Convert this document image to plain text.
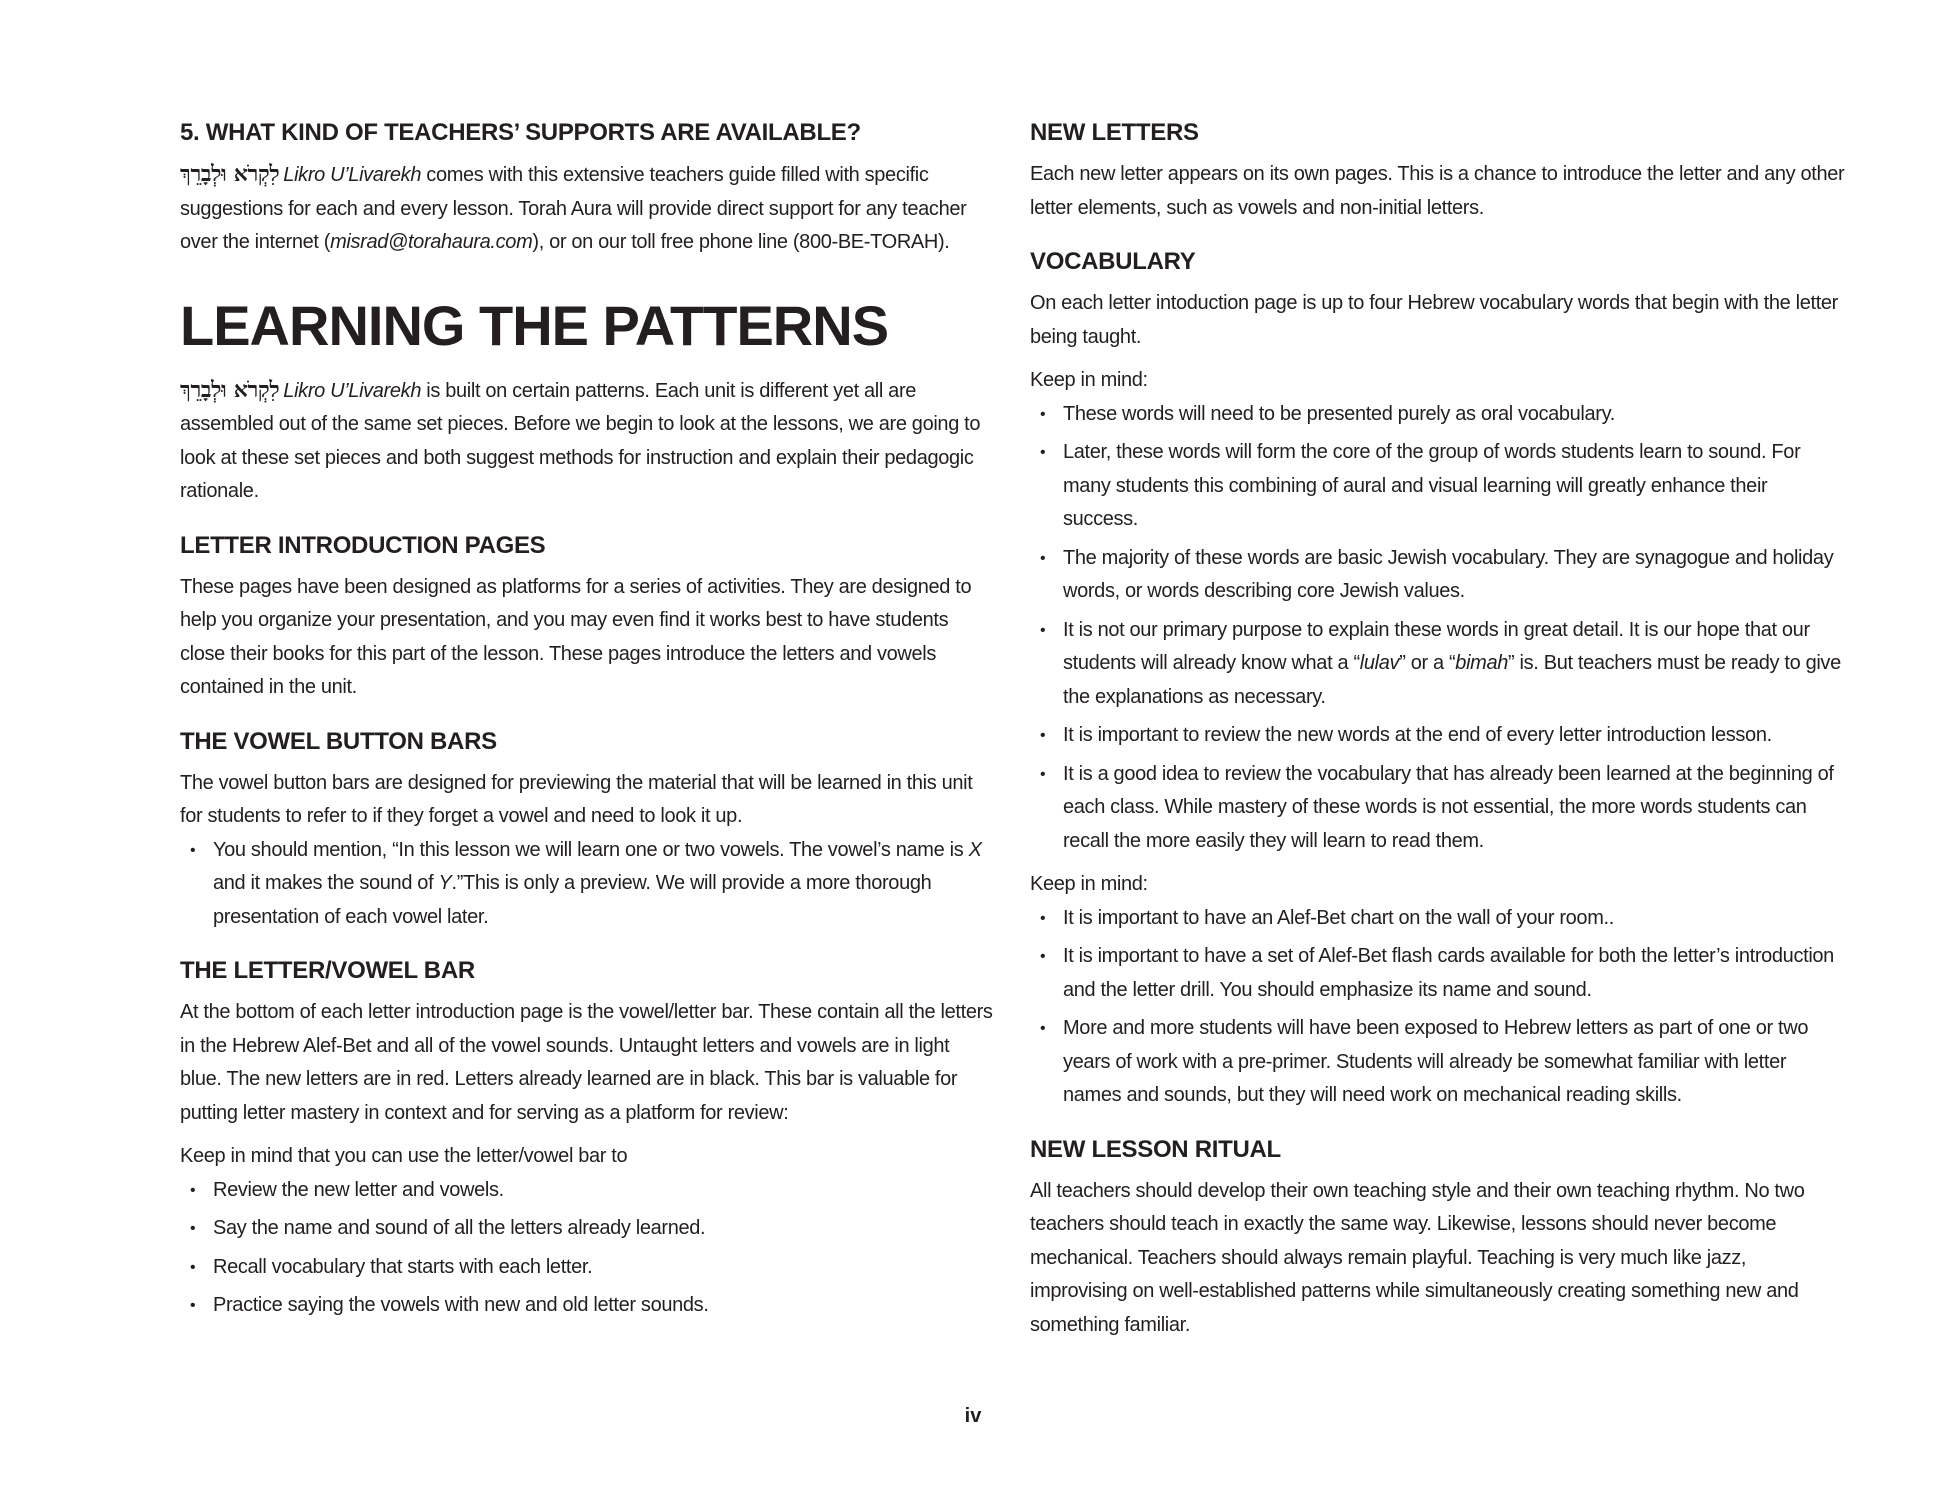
5. WHAT KIND OF TEACHERS’ SUPPORTS ARE AVAILABLE?

לִקְרֹא וּלְבָרֵךְ Likro U’Livarekh comes with this extensive teachers guide filled with specific suggestions for each and every lesson. Torah Aura will provide direct support for any teacher over the internet (misrad@torahaura.com), or on our toll free phone line (800-BE-TORAH).

LEARNING THE PATTERNS

לִקְרֹא וּלְבָרֵךְ Likro U’Livarekh is built on certain patterns. Each unit is different yet all are assembled out of the same set pieces. Before we begin to look at the lessons, we are going to look at these set pieces and both suggest methods for instruction and explain their pedagogic rationale.

LETTER INTRODUCTION PAGES

These pages have been designed as platforms for a series of activities. They are designed to help you organize your presentation, and you may even find it works best to have students close their books for this part of the lesson. These pages introduce the letters and vowels contained in the unit.

THE VOWEL BUTTON BARS

The vowel button bars are designed for previewing the material that will be learned in this unit for students to refer to if they forget a vowel and need to look it up.

• You should mention, “In this lesson we will learn one or two vowels. The vowel’s name is X and it makes the sound of Y.”This is only a preview. We will provide a more thorough presentation of each vowel later.
THE LETTER/VOWEL BAR

At the bottom of each letter introduction page is the vowel/letter bar. These contain all the letters in the Hebrew Alef-Bet and all of the vowel sounds. Untaught letters and vowels are in light blue. The new letters are in red. Letters already learned are in black. This bar is valuable for putting letter mastery in context and for serving as a platform for review:

Keep in mind that you can use the letter/vowel bar to

• Review the new letter and vowels.
• Say the name and sound of all the letters already learned.
• Recall vocabulary that starts with each letter.
• Practice saying the vowels with new and old letter sounds.
NEW LETTERS

Each new letter appears on its own pages. This is a chance to introduce the letter and any other letter elements, such as vowels and non-initial letters.

VOCABULARY

On each letter intoduction page is up to four Hebrew vocabulary words that begin with the letter being taught.

Keep in mind:

• These words will need to be presented purely as oral vocabulary.
• Later, these words will form the core of the group of words students learn to sound. For many students this combining of aural and visual learning will greatly enhance their success.
• The majority of these words are basic Jewish vocabulary. They are synagogue and holiday words, or words describing core Jewish values.
• It is not our primary purpose to explain these words in great detail. It is our hope that our students will already know what a “lulav” or a “bimah” is. But teachers must be ready to give the explanations as necessary.
• It is important to review the new words at the end of every letter introduction lesson.
• It is a good idea to review the vocabulary that has already been learned at the beginning of each class. While mastery of these words is not essential, the more words students can recall the more easily they will learn to read them.

Keep in mind:

• It is important to have an Alef-Bet chart on the wall of your room..
• It is important to have a set of Alef-Bet flash cards available for both the letter’s introduction and the letter drill. You should emphasize its name and sound.
• More and more students will have been exposed to Hebrew letters as part of one or two years of work with a pre-primer. Students will already be somewhat familiar with letter names and sounds, but they will need work on mechanical reading skills.
NEW LESSON RITUAL

All teachers should develop their own teaching style and their own teaching rhythm. No two teachers should teach in exactly the same way. Likewise, lessons should never become mechanical. Teachers should always remain playful. Teaching is very much like jazz, improvising on well-established patterns while simultaneously creating something new and something familiar.

iv
